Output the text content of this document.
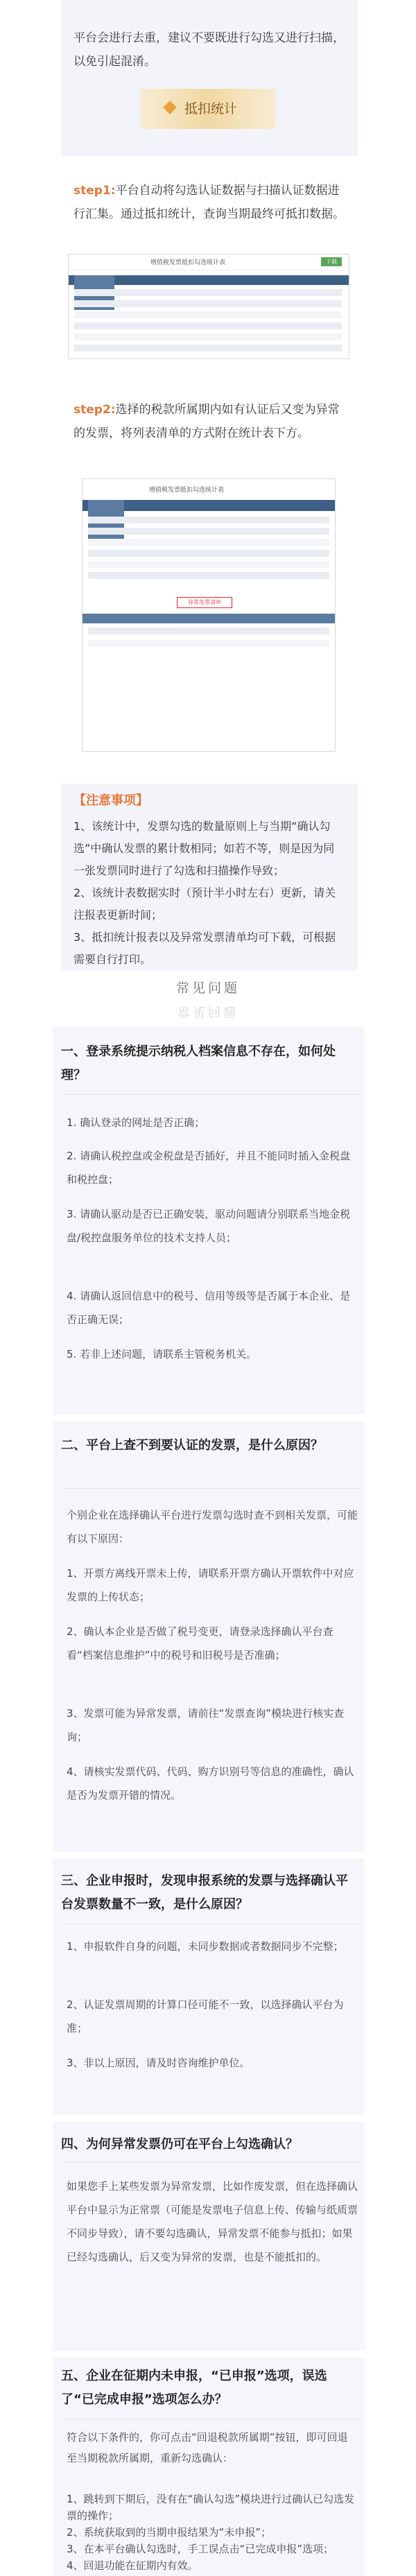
平台会进行去重，建议不要既进行勾选又进行扫描，以免引起混淆。

抵扣统计

step1:平台自动将勾选认证数据与扫描认证数据进行汇集。通过抵扣统计，查询当期最终可抵扣数据。

增值税发票抵扣勾选统计表	下载

step2:选择的税款所属期内如有认证后又变为异常的发票，将列表清单的方式附在统计表下方。

增值税发票抵扣勾选统计表
异常发票清单

【注意事项】

1、该统计中，发票勾选的数量原则上与当期“确认勾选”中确认发票的累计数相同；如若不等，则是因为同一张发票同时进行了勾选和扫描操作导致；

2、该统计表数据实时（预计半小时左右）更新，请关注报表更新时间；

3、抵扣统计报表以及异常发票清单均可下载，可根据需要自行打印。

常见问题
常见问题

一、登录系统提示纳税人档案信息不存在，如何处理？

1. 确认登录的网址是否正确；

2. 请确认税控盘或金税盘是否插好，并且不能同时插入金税盘和税控盘；

3. 请确认驱动是否已正确安装，驱动问题请分别联系当地金税盘/税控盘服务单位的技术支持人员；

4. 请确认返回信息中的税号、信用等级等是否属于本企业、是否正确无误；

5. 若非上述问题，请联系主管税务机关。

二、平台上查不到要认证的发票，是什么原因？

个别企业在选择确认平台进行发票勾选时查不到相关发票，可能有以下原因：

1、开票方离线开票未上传，请联系开票方确认开票软件中对应发票的上传状态；

2、确认本企业是否做了税号变更，请登录选择确认平台查看“档案信息维护”中的税号和旧税号是否准确；

3、发票可能为异常发票，请前往“发票查询”模块进行核实查询；

4、请核实发票代码、代码、购方识别号等信息的准确性，确认是否为发票开错的情况。

三、企业申报时，发现申报系统的发票与选择确认平台发票数量不一致，是什么原因？

1、申报软件自身的问题，未同步数据或者数据同步不完整；

2、认证发票周期的计算口径可能不一致，以选择确认平台为准；

3、非以上原因，请及时咨询维护单位。

四、为何异常发票仍可在平台上勾选确认？

如果您手上某些发票为异常发票，比如作废发票，但在选择确认平台中显示为正常票（可能是发票电子信息上传、传输与纸质票不同步导致），请不要勾选确认，异常发票不能参与抵扣；如果已经勾选确认，后又变为异常的发票，也是不能抵扣的。

五、企业在征期内未申报，“已申报”选项，误选了“已完成申报”选项怎么办？

符合以下条件的，你可点击“回退税款所属期”按钮，即可回退至当期税款所属期，重新勾选确认：

1、跳转到下期后，没有在“确认勾选”模块进行过确认已勾选发票的操作；

2、系统获取到的当期申报结果为“未申报”；

3、在本平台确认勾选时，手工误点击“已完成申报”选项；

4、回退功能在征期内有效。
